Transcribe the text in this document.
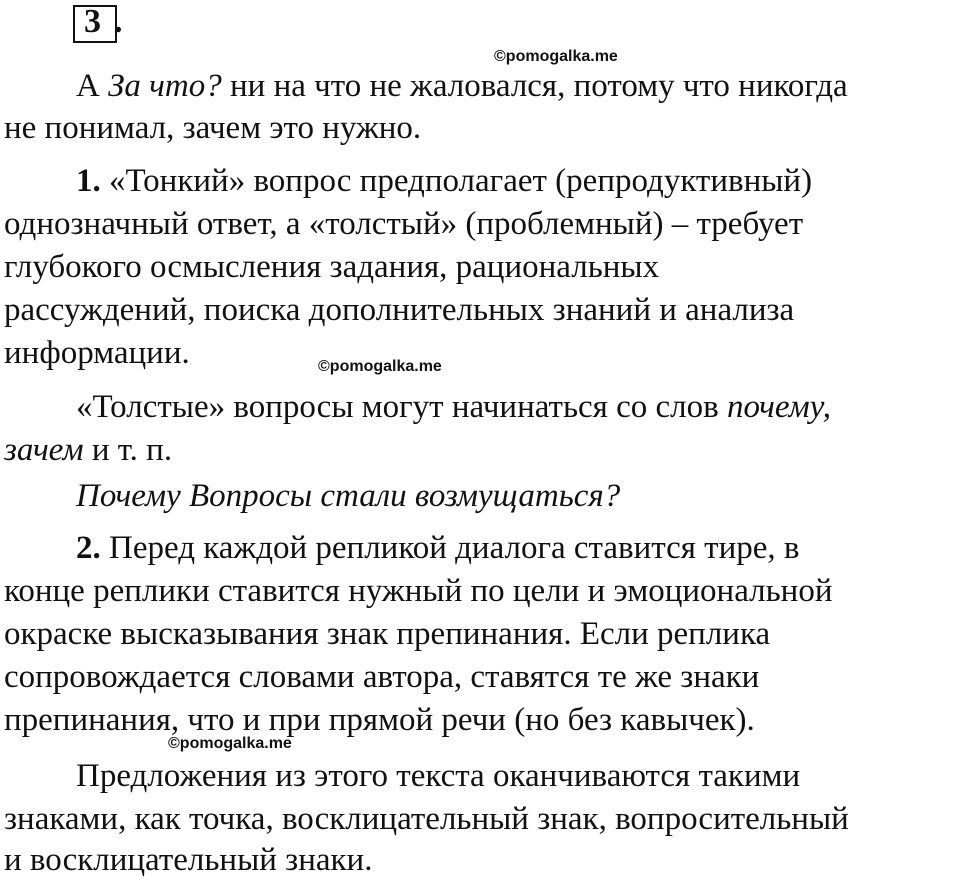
3 .
©pomogalka.me
©pomogalka.me
©pomogalka.me
А За что? ни на что не жаловался, потому что никогда
не понимал, зачем это нужно.
1. «Тонкий» вопрос предполагает (репродуктивный)
однозначный ответ, а «толстый» (проблемный) – требует
глубокого осмысления задания, рациональных
рассуждений, поиска дополнительных знаний и анализа
информации.
«Толстые» вопросы могут начинаться со слов почему,
зачем и т. п.
Почему Вопросы стали возмущаться?
2. Перед каждой репликой диалога ставится тире, в
конце реплики ставится нужный по цели и эмоциональной
окраске высказывания знак препинания. Если реплика
сопровождается словами автора, ставятся те же знаки
препинания, что и при прямой речи (но без кавычек).
Предложения из этого текста оканчиваются такими
знаками, как точка, восклицательный знак, вопросительный
и восклицательный знаки.
